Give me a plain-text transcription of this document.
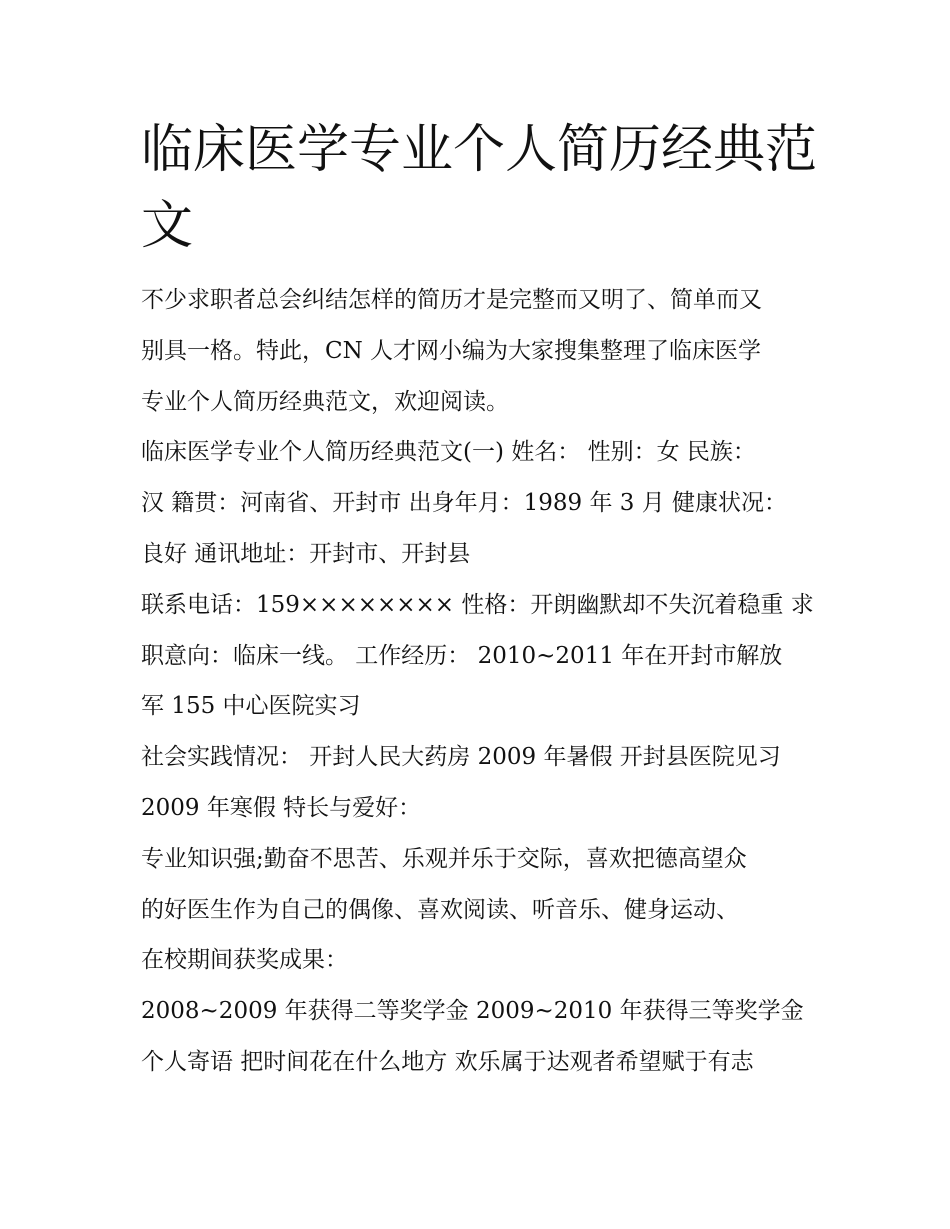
临床医学专业个人简历经典范
文
不少求职者总会纠结怎样的简历才是完整而又明了、简单而又
别具一格。特此，CN 人才网小编为大家搜集整理了临床医学
专业个人简历经典范文，欢迎阅读。
临床医学专业个人简历经典范文(一) 姓名： 性别：女 民族：
汉 籍贯：河南省、开封市 出身年月：1989 年 3 月 健康状况：
良好 通讯地址：开封市、开封县
联系电话：159×××××××× 性格：开朗幽默却不失沉着稳重 求
职意向：临床一线。 工作经历： 2010~2011 年在开封市解放
军 155 中心医院实习
社会实践情况： 开封人民大药房 2009 年暑假 开封县医院见习
2009 年寒假 特长与爱好：
专业知识强;勤奋不思苦、乐观并乐于交际，喜欢把德高望众
的好医生作为自己的偶像、喜欢阅读、听音乐、健身运动、
在校期间获奖成果：
2008~2009 年获得二等奖学金 2009~2010 年获得三等奖学金
个人寄语 把时间花在什么地方 欢乐属于达观者希望赋于有志
